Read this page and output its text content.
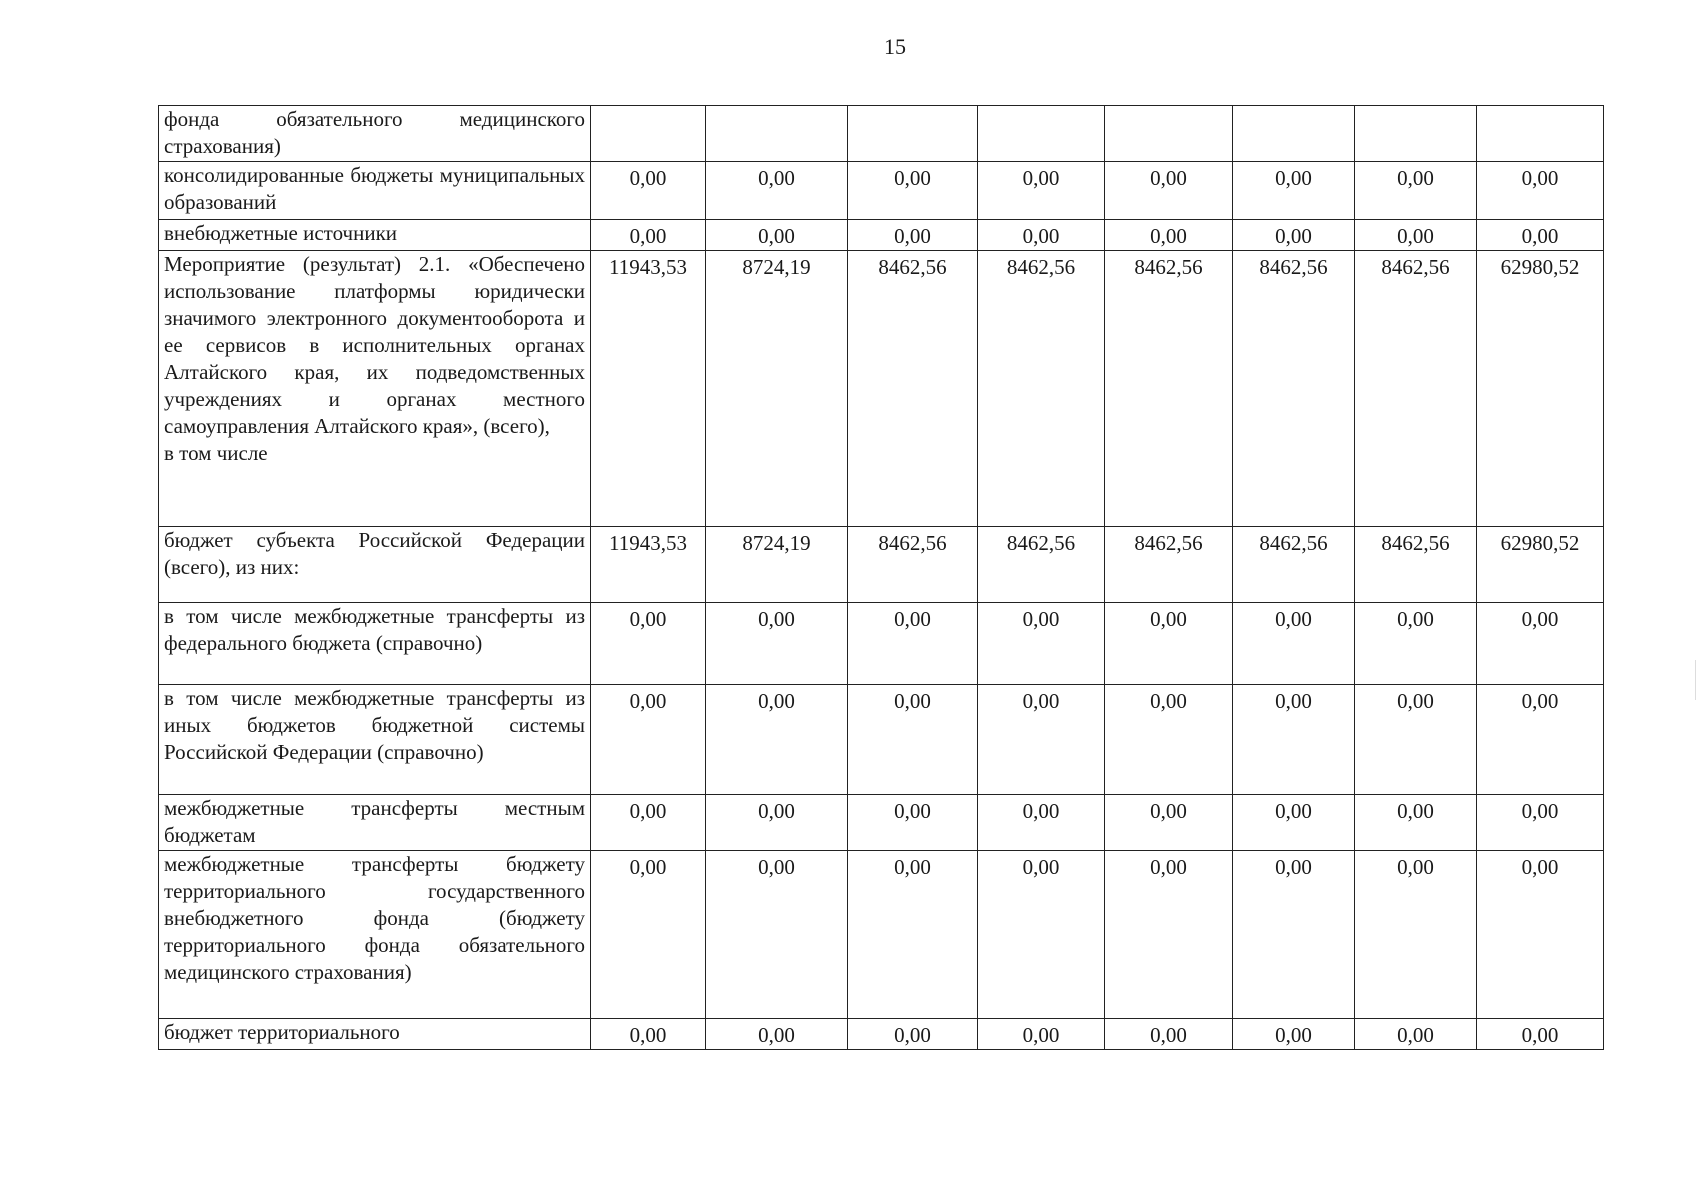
15
фонда обязательного медицинского страхования)								
консолидированные бюджеты муниципальных образований	0,00	0,00	0,00	0,00	0,00	0,00	0,00	0,00
внебюджетные источники	0,00	0,00	0,00	0,00	0,00	0,00	0,00	0,00
Мероприятие (результат) 2.1. «Обеспечено использование платформы юридически значимого электронного документооборота и ее сервисов в исполнительных органах Алтайского края, их подведомственных учреждениях и органах местного самоуправления Алтайского края», (всего),
в том числе	11943,53	8724,19	8462,56	8462,56	8462,56	8462,56	8462,56	62980,52
бюджет субъекта Российской Федерации (всего), из них:	11943,53	8724,19	8462,56	8462,56	8462,56	8462,56	8462,56	62980,52
в том числе межбюджетные трансферты из федерального бюджета (справочно)	0,00	0,00	0,00	0,00	0,00	0,00	0,00	0,00
в том числе межбюджетные трансферты из иных бюджетов бюджетной системы Российской Федерации (справочно)	0,00	0,00	0,00	0,00	0,00	0,00	0,00	0,00
межбюджетные трансферты местным бюджетам	0,00	0,00	0,00	0,00	0,00	0,00	0,00	0,00
межбюджетные трансферты бюджету территориального государственного внебюджетного фонда (бюджету территориального фонда обязательного медицинского страхования)	0,00	0,00	0,00	0,00	0,00	0,00	0,00	0,00
бюджет территориального	0,00	0,00	0,00	0,00	0,00	0,00	0,00	0,00
